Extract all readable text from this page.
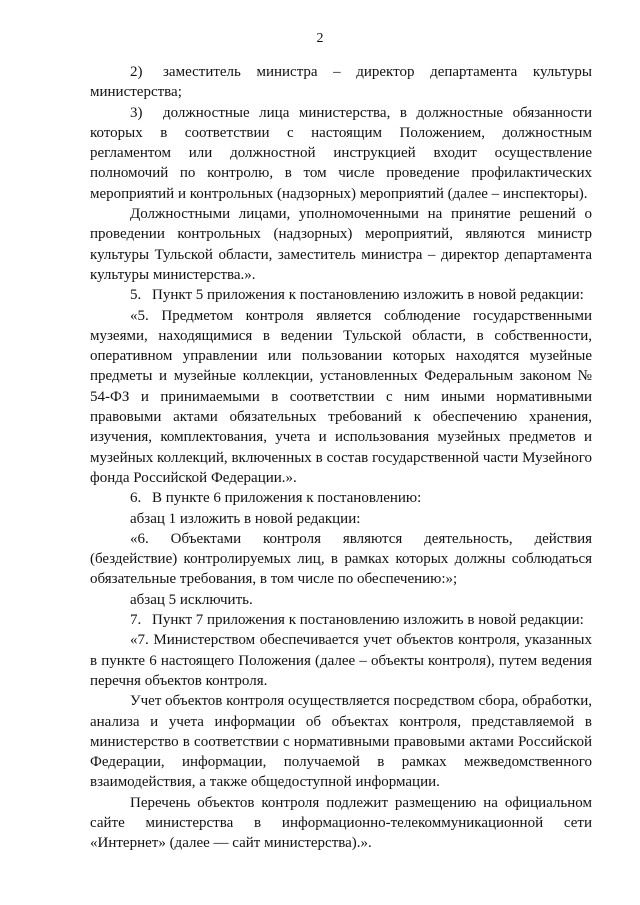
2

2) заместитель министра – директор департамента культуры министерства;

3) должностные лица министерства, в должностные обязанности которых в соответствии с настоящим Положением, должностным регламентом или должностной инструкцией входит осуществление полномочий по контролю, в том числе проведение профилактических мероприятий и контрольных (надзорных) мероприятий (далее – инспекторы).

Должностными лицами, уполномоченными на принятие решений о проведении контрольных (надзорных) мероприятий, являются министр культуры Тульской области, заместитель министра – директор департамента культуры министерства.».

5. Пункт 5 приложения к постановлению изложить в новой редакции:

«5. Предметом контроля является соблюдение государственными музеями, находящимися в ведении Тульской области, в собственности, оперативном управлении или пользовании которых находятся музейные предметы и музейные коллекции, установленных Федеральным законом № 54-ФЗ и принимаемыми в соответствии с ним иными нормативными правовыми актами обязательных требований к обеспечению хранения, изучения, комплектования, учета и использования музейных предметов и музейных коллекций, включенных в состав государственной части Музейного фонда Российской Федерации.».

6. В пункте 6 приложения к постановлению:

абзац 1 изложить в новой редакции:

«6. Объектами контроля являются деятельность, действия (бездействие) контролируемых лиц, в рамках которых должны соблюдаться обязательные требования, в том числе по обеспечению:»;

абзац 5 исключить.

7. Пункт 7 приложения к постановлению изложить в новой редакции:

«7. Министерством обеспечивается учет объектов контроля, указанных в пункте 6 настоящего Положения (далее – объекты контроля), путем ведения перечня объектов контроля.

Учет объектов контроля осуществляется посредством сбора, обработки, анализа и учета информации об объектах контроля, представляемой в министерство в соответствии с нормативными правовыми актами Российской Федерации, информации, получаемой в рамках межведомственного взаимодействия, а также общедоступной информации.

Перечень объектов контроля подлежит размещению на официальном сайте министерства в информационно-телекоммуникационной сети «Интернет» (далее — сайт министерства).».
